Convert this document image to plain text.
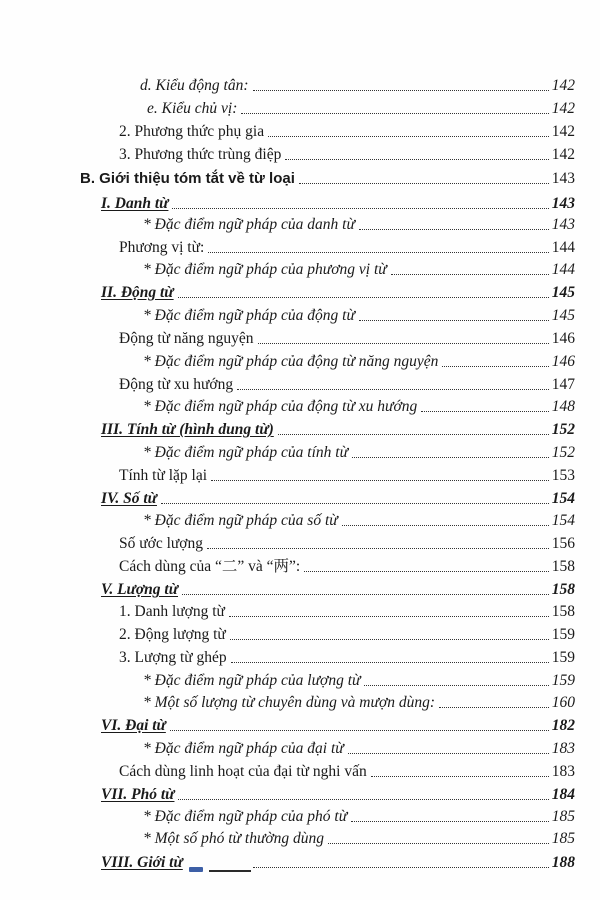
d. Kiểu động tân:	142
e. Kiểu chủ vị:	142
2. Phương thức phụ gia	142
3. Phương thức trùng điệp	142
B. Giới thiệu tóm tắt về từ loại	143
I. Danh từ	143
* Đặc điểm ngữ pháp của danh từ	143
Phương vị từ:	144
* Đặc điểm ngữ pháp của phương vị từ	144
II. Động từ	145
* Đặc điểm ngữ pháp của động từ	145
Động từ năng nguyện	146
* Đặc điểm ngữ pháp của động từ năng nguyện	146
Động từ xu hướng	147
* Đặc điểm ngữ pháp của động từ xu hướng	148
III. Tính từ (hình dung từ)	152
* Đặc điểm ngữ pháp của tính từ	152
Tính từ lặp lại	153
IV. Số từ	154
* Đặc điểm ngữ pháp của số từ	154
Số ước lượng	156
Cách dùng của “二” và “两”:	158
V. Lượng từ	158
1. Danh lượng từ	158
2. Động lượng từ	159
3. Lượng từ ghép	159
* Đặc điểm ngữ pháp của lượng từ	159
* Một số lượng từ chuyên dùng và mượn dùng:	160
VI. Đại từ	182
* Đặc điểm ngữ pháp của đại từ	183
Cách dùng linh hoạt của đại từ nghi vấn	183
VII. Phó từ	184
* Đặc điểm ngữ pháp của phó từ	185
* Một số phó từ thường dùng	185
VIII. Giới từ	188
